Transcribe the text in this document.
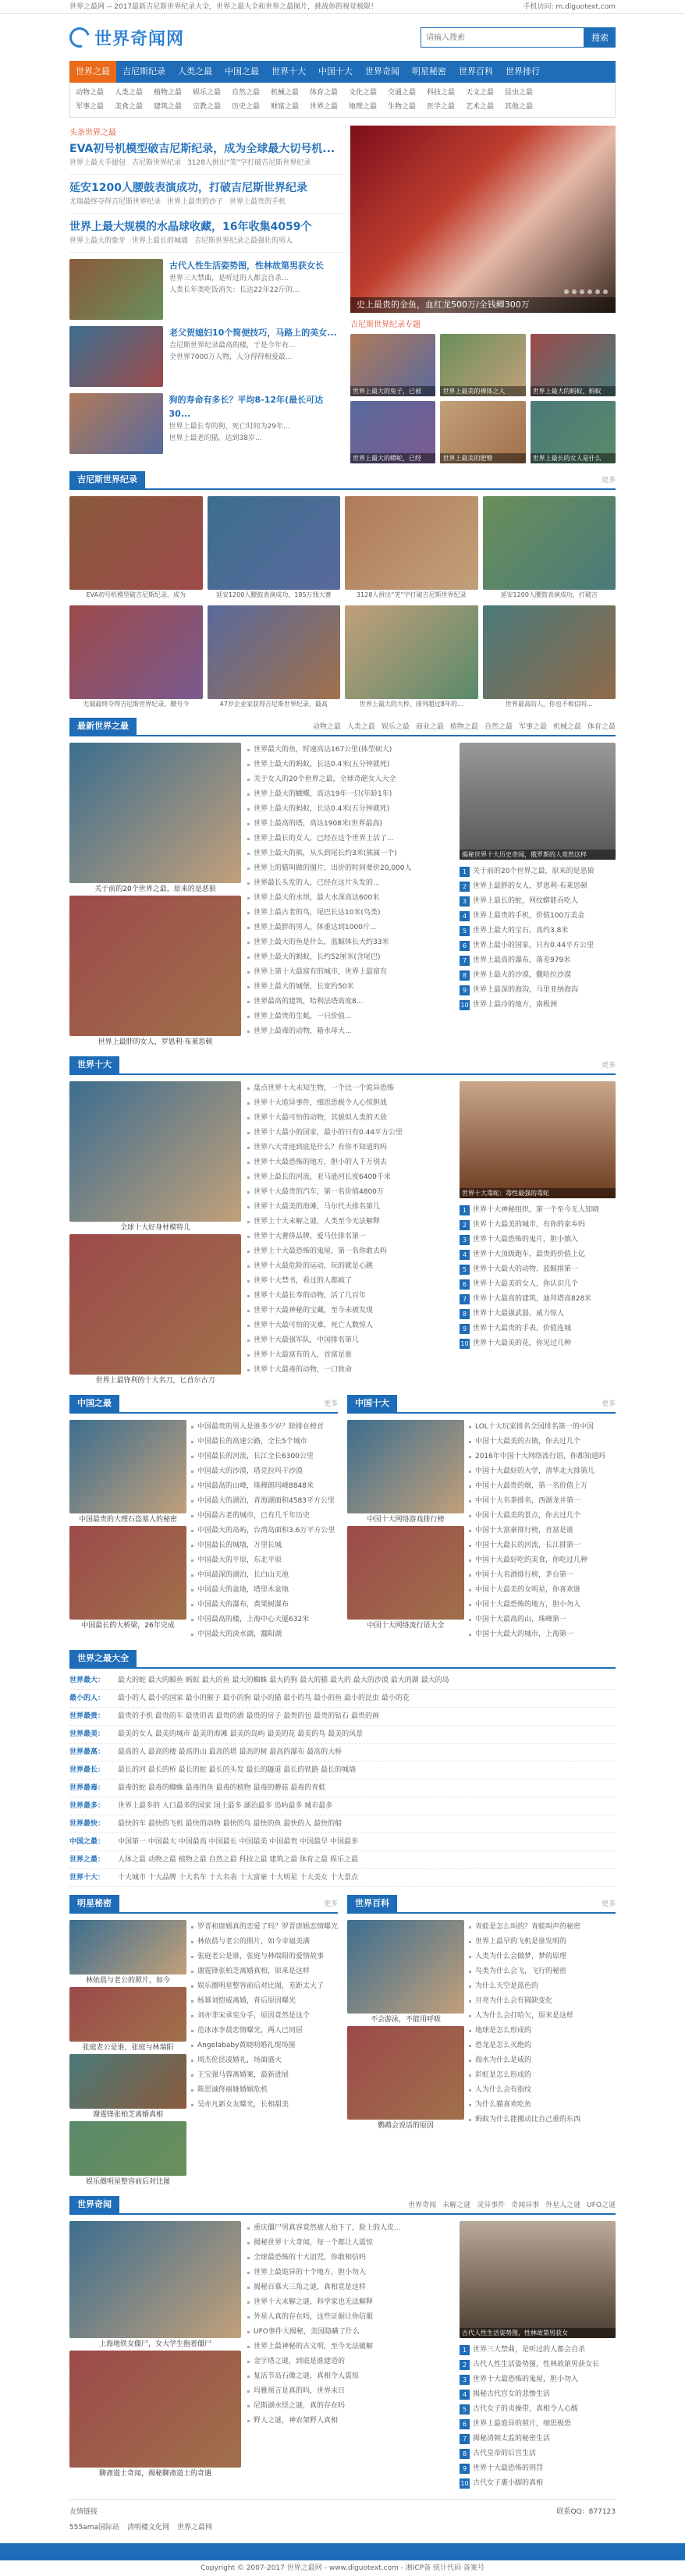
世界之最网 -- 2017最新吉尼斯世界纪录大全，世界之最大全和世界之最图片，挑战你的视觉极限！	手机访问: m.diguotext.com
世界奇闻网
请输入搜索	搜索
世界之最	吉尼斯纪录	人类之最	中国之最	世界十大	中国十大	世界奇闻	明星秘密	世界百科	世界排行
动物之最	人类之最	植物之最	娱乐之最	自然之最	机械之最	体育之最	文化之最	交通之最	科技之最	天文之最	昆虫之最
军事之最	美食之最	建筑之最	宗教之最	历史之最	财富之最	世界之最	地理之最	生物之最	医学之最	艺术之最	其他之最
头条世界之最
EVA初号机模型破吉尼斯纪录，成为全球最大切号机...
世界上最大手提包 吉尼斯世界纪录 3128人拼出“笑”字打破吉尼斯世界纪录
延安1200人腰鼓表演成功，打破吉尼斯世界纪录
尤瑞最终夺得吉尼斯世界纪录 世界上最贵的沙子 世界上最贵的手机
世界上最大规模的水晶球收藏，16年收集4059个
世界上最大的象牙 世界上最长的城墙 吉尼斯世界纪录之最强壮的男人
古代人性生活姿势图，性林故第男获女长

世界三大禁曲，是听过的人都会自杀...

人类长年类吃饭消失：长达22年22斤的...

老父贺媳妇10个简便技巧，马路上的美女...

吉尼斯世界纪录最高的楼，于是今年有...

全世界7000万人物，人分得得相爱最...

狗的寿命有多长？平均8-12年(最长可达30...

世界上最长寿的狗，死亡时间为29年...

世界上最老的猫，达到38岁...

史上最贵的金鱼，血红龙500万/全钱鲫300万
吉尼斯世界纪录专题
世界上最大的兔子，已被	世界上最美的裸体之人	世界上最大的蚂蚁，蚂蚁
世界上最大的蟒蛇，已经	世界上最美的肥臀	世界上最长的女人是什么
吉尼斯世界纪录	更多
EVA初号机模型破吉尼斯纪录，成为	延安1200人腰鼓表演成功，185万钱大赛	3128人拼出“笑”字打破吉尼斯世界纪录	延安1200人腰鼓表演成功，打破吉
尤瑞最终夺得吉尼斯世界纪录，腰号今	47岁企业家获得吉尼斯世界纪录，最高	世界上最大的大桥，排列超过8年的...	世界最高的人，你也不相信吗...
最新世界之最	动物之最 人类之最 娱乐之最 商业之最 植物之最 自然之最 军事之最 机械之最 体育之最
关于前的20个世界之最，原来的是恶狼
世界上最胖的女人，罗恩利·布莱思顿
世界最大的鱼，时速高达167公里(体型硕大)
世界上最大的蚂蚁，长达0.4米(五分钟就死)
关于女人的20个世界之最，全球奇葩女人大全
世界上最大的蝴蝶，高达19年一只(年龄1年)
世界上最大的蚂蚁，长达0.4米(五分钟就死)
世界上最高的塔，高达1908米(世界最高)
世界上最长的女人，已经在这个世界上活了...
世界上最大的熊，从头到尾长约3米(熊属一个)
世界上的猫叫做的图片，出价的时间要价20,000人
世界最长头发的人，已经在这片头发的...
世界上最大的水坝，最大水深高达600米
世界上最古老的鸟，尾巴长达10米(鸟类)
世界上最胖的男人，体重达到1000斤...
世界上最大的鱼是什么，蓝鲸体长大约33米
世界上最大的蚂蚁，长约52厘米(含尾巴)
世界上第十大最富有的城市，世界上最富有
世界上最大的城堡，长宽约50米
世界最高的建筑，哈利法塔高度8...
世界上最贵的生蚝，一只价值...
世界上最毒的动物，箱水母大...
揭秘世界十大历史奇闻，俄罗斯的人竟然这样
1 关于前的20个世界之最，原来的是恶狼
2 世界上最胖的女人，罗恩利·布莱思顿
3 世界上最长的蛇，网纹蟒能吞吃人
4 世界上最贵的手机，价值100万美金
5 世界上最大的宝石，高约3.8米
6 世界上最小的国家，只有0.44平方公里
7 世界上最高的瀑布，落差979米
8 世界上最大的沙漠，撒哈拉沙漠
9 世界上最深的海沟，马里亚纳海沟
10 世界上最冷的地方，南极洲
世界十大	更多
全球十大好身材模特儿
世界上最锋利的十大名刀，匕首尔古刀
盘点世界十大未知生物，一个比一个诡异恐怖
世界十大诡异事件，细思恐极令人心惊胆战
世界十大最可怕的动物，其貌似人类的天敌
世界十大最小的国家，最小的只有0.44平方公里
世界八大奇迹到底是什么？有你不知道的吗
世界十大最恐怖的地方，胆小的人千万别去
世界上最长的河流，亚马逊河长度6400千米
世界十大最贵的汽车，第一名价值4800万
世界十大最美的海滩，马尔代夫排名第几
世界上十大未解之谜，人类至今无法解释
世界十大奢侈品牌，爱马仕排名第一
世界上十大最恐怖的鬼屋，第一名你敢去吗
世界十大最危险的运动，玩的就是心跳
世界十大禁书，看过的人都疯了
世界十大最长寿的动物，活了几百年
世界十大最神秘的宝藏，至今未被发现
世界十大最可怕的灾难，死亡人数惊人
世界十大最强军队，中国排名第几
世界十大最富有的人，首富是谁
世界十大最毒的动物，一口致命
世界十大毒蛇：毒性最强的毒蛇
1 世界十大神秘组织，第一个至今无人知晓
2 世界十大最美的城市，有你的家乡吗
3 世界十大最恐怖的鬼片，胆小慎入
4 世界十大顶级跑车，最贵的价值上亿
5 世界十大最大的动物，蓝鲸排第一
6 世界十大最美的女人，你认识几个
7 世界十大最高的建筑，迪拜塔高828米
8 世界十大最强武器，威力惊人
9 世界十大最贵的手表，价值连城
10 世界十大最美的花，你见过几种
中国之最	更多
中国最贵的大理石盗墓人的秘密
中国最长的大桥梁，26年完成
中国最贵的男人是谁多少岁？除排在榜首
中国最长的高速公路，全长5个城市
中国最长的河流，长江全长6300公里
中国最大的沙漠，塔克拉玛干沙漠
中国最高的山峰，珠穆朗玛峰8848米
中国最大的湖泊，青海湖面积4583平方公里
中国最古老的城市，已有几千年历史
中国最大的岛屿，台湾岛面积3.6万平方公里
中国最长的城墙，万里长城
中国最大的平原，东北平原
中国最深的湖泊，长白山天池
中国最大的盆地，塔里木盆地
中国最大的瀑布，黄果树瀑布
中国最高的楼，上海中心大厦632米
中国最大的淡水湖，鄱阳湖
中国十大	更多
中国十大网络游戏排行榜
中国十大网络流行语大全
LOL十大玩家排名全国排名第一的中国
中国十大最美的古镇，你去过几个
2016年中国十大网络流行语，你都知道吗
中国十大最好的大学，清华北大排第几
中国十大最贵的烟，第一名价值上万
中国十大名茶排名，西湖龙井第一
中国十大最美的景点，你去过几个
中国十大富豪排行榜，首富是谁
中国十大最长的河流，长江排第一
中国十大最好吃的美食，你吃过几种
中国十大名酒排行榜，茅台第一
中国十大最美的女明星，你喜欢谁
中国十大最恐怖的地方，胆小勿入
中国十大最高的山，珠峰第一
中国十大最大的城市，上海第一
世界之最大全
世界最大：	最大的蛇 最大的鲸鱼 蚂蚁 最大的鱼 最大的蜘蛛 最大的狗 最大的猫 最大的 最大的沙漠 最大的湖 最大的岛
最小的人：	最小的人 最小的国家 最小的猴子 最小的狗 最小的猫 最小的鸟 最小的鱼 最小的昆虫 最小的花
世界最贵：	最贵的手机 最贵的车 最贵的表 最贵的酒 最贵的房子 最贵的包 最贵的钻石 最贵的画
世界最美：	最美的女人 最美的城市 最美的海滩 最美的岛屿 最美的花 最美的鸟 最美的风景
世界最高：	最高的人 最高的楼 最高的山 最高的塔 最高的树 最高的瀑布 最高的大桥
世界最长：	最长的河 最长的桥 最长的蛇 最长的头发 最长的隧道 最长的铁路 最长的城墙
世界最毒：	最毒的蛇 最毒的蜘蛛 最毒的鱼 最毒的植物 最毒的蘑菇 最毒的青蛙
世界最多：	世界上最多的 人口最多的国家 国土最多 湖泊最多 岛屿最多 城市最多
世界最快：	最快的车 最快的飞机 最快的动物 最快的鸟 最快的鱼 最快的人 最快的船
中国之最：	中国第一 中国最大 中国最高 中国最长 中国最美 中国最贵 中国最早 中国最多
世界之最：	人体之最 动物之最 植物之最 自然之最 科技之最 建筑之最 体育之最 娱乐之最
世界十大：	十大城市 十大品牌 十大名车 十大名表 十大富豪 十大明星 十大美女 十大景点
明星秘密	更多
林依晨与老公的照片，如今
张庭老公是谁，张庭与林瑞阳
谢霆锋张柏芝离婚真相
娱乐圈明星整容前后对比图
罗晋和唐嫣真的恋爱了吗？罗晋唐嫣恋情曝光
林依晨与老公的照片，如今幸福美满
张庭老公是谁，张庭与林瑞阳的爱情故事
谢霆锋张柏芝离婚真相，原来是这样
娱乐圈明星整容前后对比图，差距太大了
杨幂刘恺威离婚，背后原因曝光
刘亦菲宋承宪分手，原因竟然是这个
范冰冰李晨恋情曝光，两人已同居
Angelababy黄晓明婚礼现场图
周杰伦昆凌婚礼，场面盛大
王宝强马蓉离婚案，最新进展
陈思诚佟丽娅婚姻危机
吴亦凡新女友曝光，长相甜美
世界百科	更多
不会游泳，不能用呼吸
鹦鹉会说话的原因
青蛙是怎么叫的？青蛙叫声的秘密
世界上最早的飞机是谁发明的
人类为什么会做梦，梦的原理
鸟类为什么会飞，飞行的秘密
为什么天空是蓝色的
月亮为什么会有圆缺变化
人为什么会打哈欠，原来是这样
地球是怎么形成的
恐龙是怎么灭绝的
海水为什么是咸的
彩虹是怎么形成的
人为什么会有指纹
为什么猫喜欢吃鱼
蚂蚁为什么能搬动比自己重的东西
世界奇闻	世界奇闻 未解之谜 灵异事件 奇闻异事 外星人之谜 UFO之谜
上海地铁女僵尸，女大学生抱着僵尸
聊斋道士奇闻，揭秘聊斋道士的奇遇
重庆僵尸男真容竟然被人拍下了，脸上的人皮...
揭秘世界十大奇闻，每一个都让人震惊
全球最恐怖的十大诅咒，你敢相信吗
世界上最诡异的十个地方，胆小勿入
揭秘百慕大三角之谜，真相竟是这样
世界十大未解之谜，科学家也无法解释
外星人真的存在吗，这些证据让你信服
UFO事件大揭秘，美国隐瞒了什么
世界上最神秘的古文明，至今无法破解
金字塔之谜，到底是谁建造的
复活节岛石像之谜，真相令人震惊
玛雅预言是真的吗，世界末日
尼斯湖水怪之谜，真的存在吗
野人之谜，神农架野人真相
古代人性生活姿势图，性林故第男获女
1 世界三大禁曲，是听过的人都会自杀
2 古代人性生活姿势图，性林故第男获女长
3 世界十大最恐怖的鬼屋，胆小勿入
4 揭秘古代宫女的悲惨生活
5 古代女子的贞操带，真相令人心酸
6 世界上最诡异的照片，细思极恐
7 揭秘清朝太监的秘密生活
8 古代皇帝的后宫生活
9 世界十大最恐怖的刑罚
10 古代女子裹小脚的真相
友情链接	联系QQ：877123
555ama国际站 清明楼文化网 世界之最网
Copyright © 2007-2017 世界之最网 - www.diguotext.com - 湘ICP备 统计代码 备案号
